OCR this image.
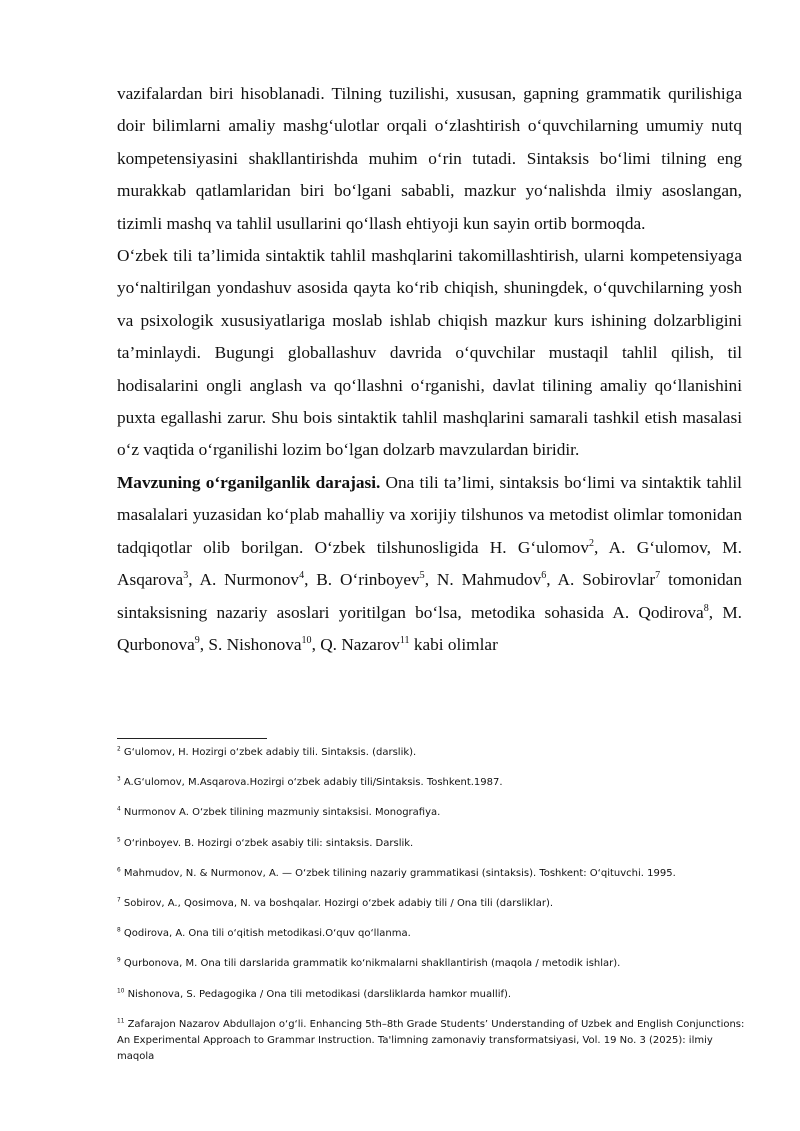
vazifalardan biri hisoblanadi. Tilning tuzilishi, xususan, gapning grammatik qurilishiga doir bilimlarni amaliy mashg‘ulotlar orqali o‘zlashtirish o‘quvchilarning umumiy nutq kompetensiyasini shakllantirishda muhim o‘rin tutadi. Sintaksis bo‘limi tilning eng murakkab qatlamlaridan biri bo‘lgani sababli, mazkur yo‘nalishda ilmiy asoslangan, tizimli mashq va tahlil usullarini qo‘llash ehtiyoji kun sayin ortib bormoqda.

O‘zbek tili ta’limida sintaktik tahlil mashqlarini takomillashtirish, ularni kompetensiyaga yo‘naltirilgan yondashuv asosida qayta ko‘rib chiqish, shuningdek, o‘quvchilarning yosh va psixologik xususiyatlariga moslab ishlab chiqish mazkur kurs ishining dolzarbligini ta’minlaydi. Bugungi globallashuv davrida o‘quvchilar mustaqil tahlil qilish, til hodisalarini ongli anglash va qo‘llashni o‘rganishi, davlat tilining amaliy qo‘llanishini puxta egallashi zarur. Shu bois sintaktik tahlil mashqlarini samarali tashkil etish masalasi o‘z vaqtida o‘rganilishi lozim bo‘lgan dolzarb mavzulardan biridir.

Mavzuning o‘rganilganlik darajasi. Ona tili ta’limi, sintaksis bo‘limi va sintaktik tahlil masalalari yuzasidan ko‘plab mahalliy va xorijiy tilshunos va metodist olimlar tomonidan tadqiqotlar olib borilgan. O‘zbek tilshunosligida H. G‘ulomov$^2$, A. G‘ulomov, M. Asqarova$^3$, A. Nurmonov$^4$, B. O‘rinboyev$^5$, N. Mahmudov$^6$, A. Sobirovlar$^7$ tomonidan sintaksisning nazariy asoslari yoritilgan bo‘lsa, metodika sohasida A. Qodirova$^8$, M. Qurbonova$^9$, S. Nishonova$^{10}$, Q. Nazarov$^{11}$ kabi olimlar

$^2$ G‘ulomov, H. Hozirgi o‘zbek adabiy tili. Sintaksis. (darslik).
$^3$ A.G‘ulomov, M.Asqarova.Hozirgi o‘zbek adabiy tili/Sintaksis. Toshkent.1987.
$^4$ Nurmonov A. O‘zbek tilining mazmuniy sintaksisi. Monografiya.
$^5$ O‘rinboyev. B. Hozirgi o‘zbek asabiy tili: sintaksis. Darslik.
$^6$ Mahmudov, N. & Nurmonov, A. — O‘zbek tilining nazariy grammatikasi (sintaksis). Toshkent: O‘qituvchi. 1995.
$^7$ Sobirov, A., Qosimova, N. va boshqalar. Hozirgi o‘zbek adabiy tili / Ona tili (darsliklar).
$^8$ Qodirova, A. Ona tili o‘qitish metodikasi.O‘quv qo‘llanma.
$^9$ Qurbonova, M. Ona tili darslarida grammatik ko‘nikmalarni shakllantirish (maqola / metodik ishlar).
$^{10}$ Nishonova, S. Pedagogika / Ona tili metodikasi (darsliklarda hamkor muallif).
$^{11}$ Zafarajon Nazarov Abdullajon o‘g‘li. Enhancing 5th–8th Grade Students’ Understanding of Uzbek and English Conjunctions: An Experimental Approach to Grammar Instruction. Ta'limning zamonaviy transformatsiyasi, Vol. 19 No. 3 (2025): ilmiy maqola
